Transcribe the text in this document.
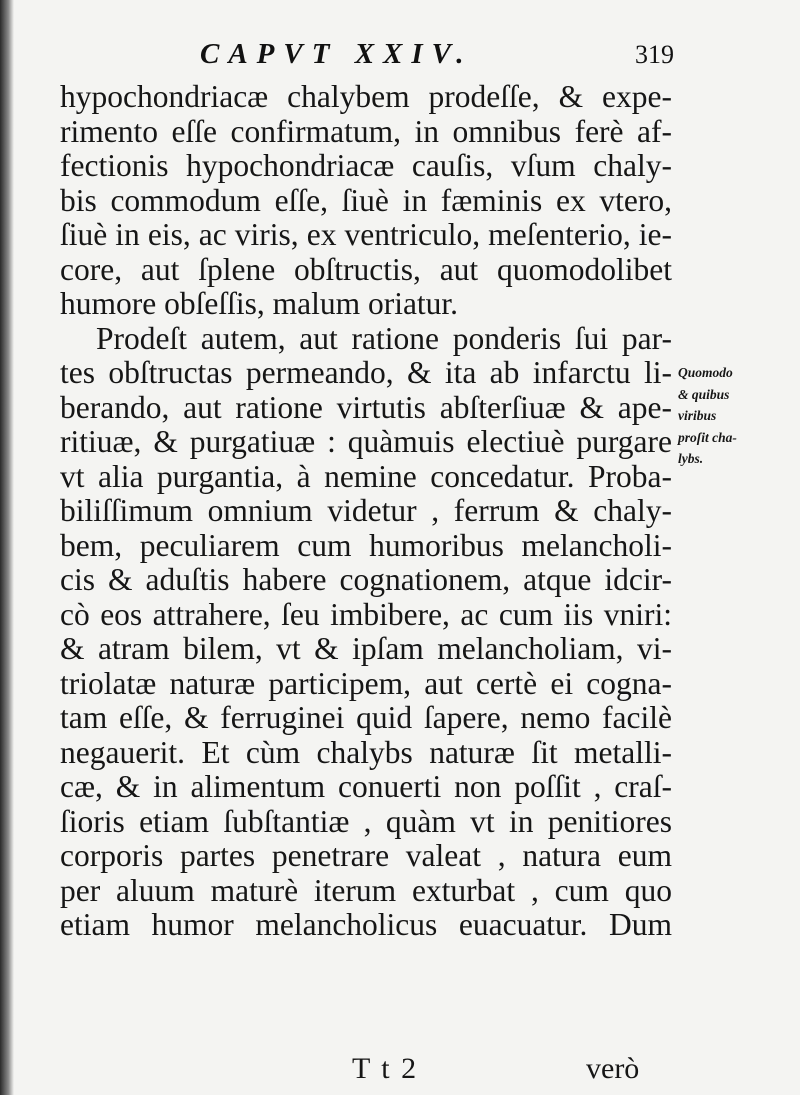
CAPVT XXIV.	319
hypochondriacæ chalybem prodeſſe, & expe-
rimento eſſe confirmatum, in omnibus ferè af-
fectionis hypochondriacæ cauſis, vſum chaly-
bis commodum eſſe, ſiuè in fæminis ex vtero,
ſiuè in eis, ac viris, ex ventriculo, meſenterio, ie-
core, aut ſplene obſtructis, aut quomodolibet
humore obſeſſis, malum oriatur.
Prodeſt autem, aut ratione ponderis ſui par-
tes obſtructas permeando, & ita ab infarctu li-
berando, aut ratione virtutis abſterſiuæ & ape-
ritiuæ, & purgatiuæ : quàmuis electiuè purgare
vt alia purgantia, à nemine concedatur. Proba-
biliſſimum omnium videtur , ferrum & chaly-
bem, peculiarem cum humoribus melancholi-
cis & aduſtis habere cognationem, atque idcir-
cò eos attrahere, ſeu imbibere, ac cum iis vniri:
& atram bilem, vt & ipſam melancholiam, vi-
triolatæ naturæ participem, aut certè ei cogna-
tam eſſe, & ferruginei quid ſapere, nemo facilè
negauerit. Et cùm chalybs naturæ ſit metalli-
cæ, & in alimentum conuerti non poſſit , craſ-
ſioris etiam ſubſtantiæ , quàm vt in penitiores
corporis partes penetrare valeat , natura eum
per aluum maturè iterum exturbat , cum quo
etiam humor melancholicus euacuatur. Dum
Quomodo
& quibus
viribus
proſit cha-
lybs.
T t 2	verò
